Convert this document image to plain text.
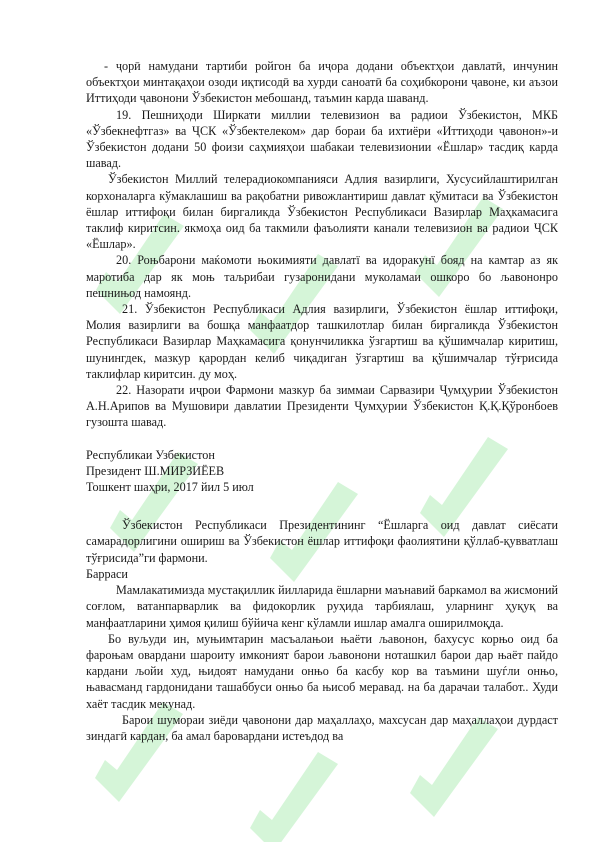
- ҷорӣ намудани тартиби ройгон ба иҷора додани объектҳои давлатӣ, инчунин объектҳои минтақаҳои озоди иқтисодӣ ва хурди саноатӣ ба соҳибкорони ҷавоне, ки аъзои Иттиҳоди ҷавонони Ўзбекистон мебошанд, таъмин карда шаванд.

19. Пешниҳоди Ширкати миллии телевизион ва радиои Ўзбекистон, МКБ «Ўзбекнефтгаз» ва ҶСК «Ўзбектелеком» дар бораи ба ихтиёри «Иттиҳоди ҷавонон»-и Ўзбекистон додани 50 фоизи саҳмияҳои шабакаи телевизионии «Ёшлар» тасдиқ карда шавад.

Ўзбекистон Миллий телерадиокомпанияси Адлия вазирлиги, Хусусийлаштирилган корхоналарга кўмаклашиш ва рақобатни ривожлантириш давлат қўмитаси ва Ўзбекистон ёшлар иттифоқи билан биргаликда Ўзбекистон Республикаси Вазирлар Маҳкамасига таклиф киритсин. якмоҳа оид ба такмили фаъолияти канали телевизион ва радиои ҶСК «Ёшлар».

20. Роњбарони маќомоти њокимияти давлатї ва идоракунї бояд на камтар аз як маротиба дар як моњ таљрибаи гузаронидани муколамаи ошкоро бо љавононро пешнињод намоянд.

21. Ўзбекистон Республикаси Адлия вазирлиги, Ўзбекистон ёшлар иттифоқи, Молия вазирлиги ва бошқа манфаатдор ташкилотлар билан биргаликда Ўзбекистон Республикаси Вазирлар Маҳкамасига қонунчиликка ўзгартиш ва қўшимчалар киритиш, шунингдек, мазкур қарордан келиб чиқадиган ўзгартиш ва қўшимчалар тўғрисида таклифлар киритсин. ду моҳ.

22. Назорати иҷрои Фармони мазкур ба зиммаи Сарвазири Ҷумҳурии Ўзбекистон А.Н.Арипов ва Мушовири давлатии Президенти Ҷумҳурии Ўзбекистон Қ.Қ.Қўронбоев гузошта шавад.

Республикаи Узбекистон

Президент Ш.МИРЗИЁЕВ

Тошкент шаҳри, 2017 йил 5 июл

Ўзбекистон Республикаси Президентининг “Ёшларга оид давлат сиёсати самарадорлигини ошириш ва Ўзбекистон ёшлар иттифоқи фаолиятини қўллаб-қувватлаш тўғрисида”ги фармони.

Барраси

Мамлакатимизда мустақиллик йилларида ёшларни маънавий баркамол ва жисмоний соғлом, ватанпарварлик ва фидокорлик руҳида тарбиялаш, уларнинг ҳуқуқ ва манфаатларини ҳимоя қилиш бўйича кенг кўламли ишлар амалга оширилмоқда.

Бо вуљуди ин, муњимтарин масъалањои њаёти љавонон, бахусус корњо оид ба фароњам овардани шароиту имконият барои љавонони ноташкил барои дар њаёт пайдо кардани љойи худ, њидоят намудани онњо ба касбу кор ва таъмини шуѓли онњо, њавасманд гардонидани ташаббуси онњо ба њисоб меравад. на ба дарачаи талабот.. Худи хаёт тасдик мекунад.

Барои шумораи зиёди ҷавонони дар маҳаллаҳо, махсусан дар маҳаллаҳои дурдаст зиндагӣ кардан, ба амал баровардани истеъдод ва
